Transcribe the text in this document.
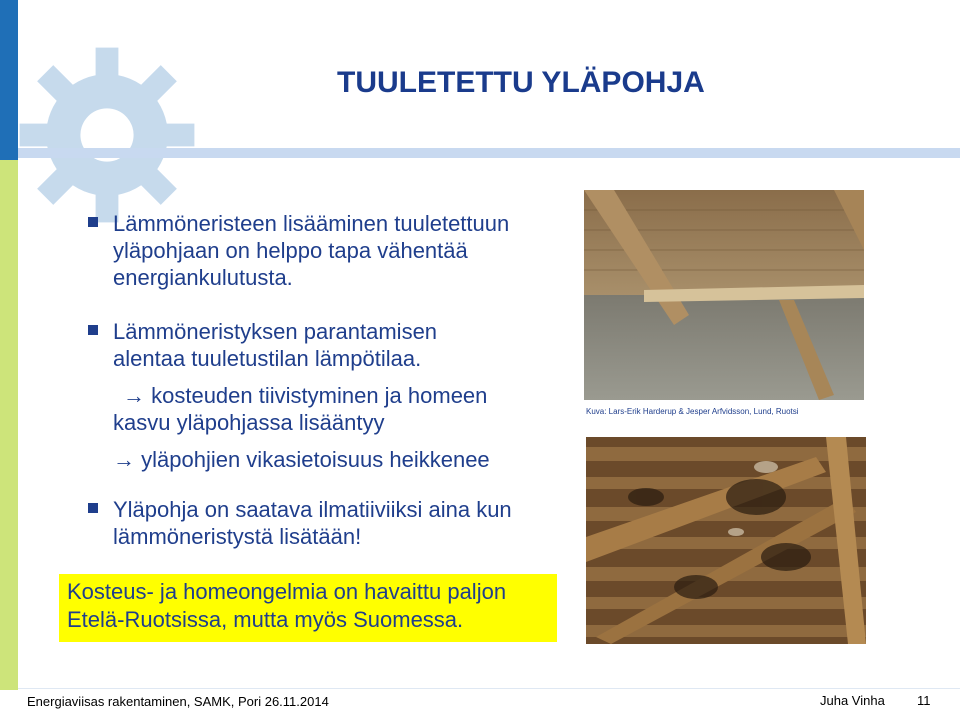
TUULETETTU YLÄPOHJA
Lämmöneristeen lisääminen tuuletettuun
yläpohjaan on helppo tapa vähentää
energiankulutusta.
Lämmöneristyksen parantamisen
alentaa tuuletustilan lämpötilaa.
→ kosteuden tiivistyminen ja homeen
kasvu yläpohjassa lisääntyy
→ yläpohjien vikasietoisuus heikkenee
Yläpohja on saatava ilmatiiviiksi aina kun
lämmöneristystä lisätään!
Kosteus- ja homeongelmia on havaittu paljon
Etelä-Ruotsissa, mutta myös Suomessa.
Kuva: Lars-Erik Harderup & Jesper Arfvidsson, Lund, Ruotsi
Energiaviisas rakentaminen, SAMK, Pori 26.11.2014	Juha Vinha 11
